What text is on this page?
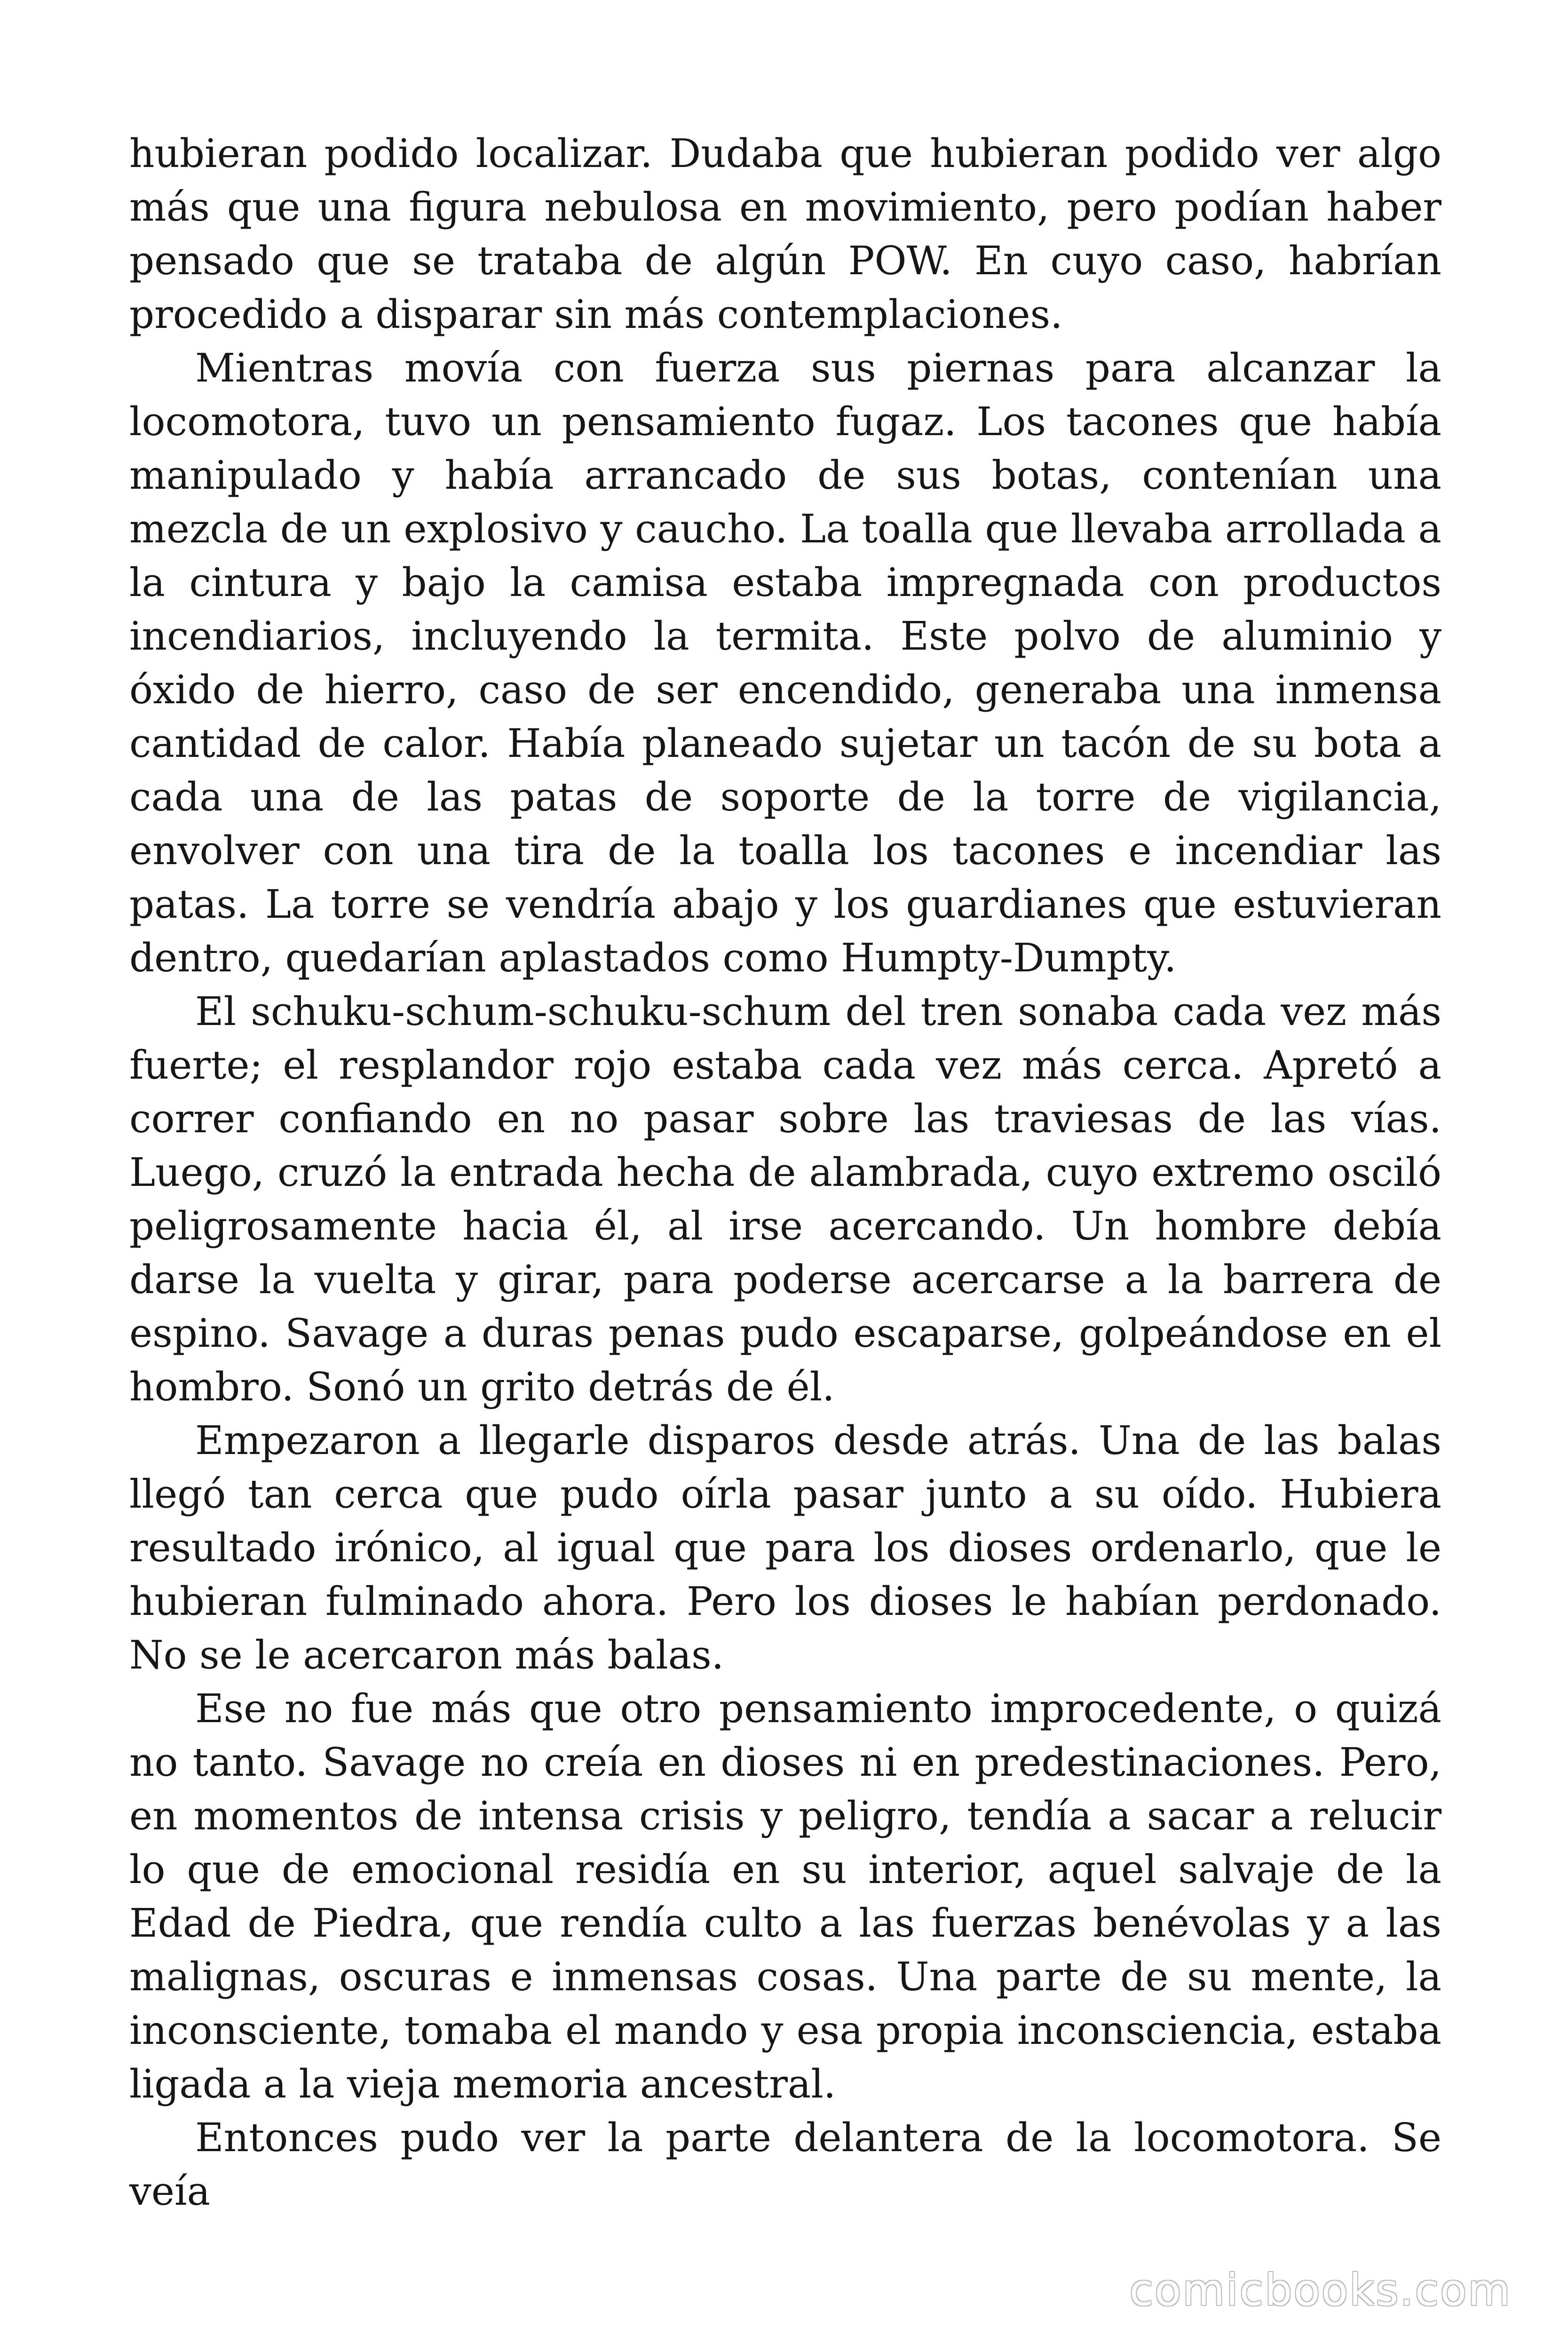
hubieran podido localizar. Dudaba que hubieran podido ver algo más que una figura nebulosa en movimiento, pero podían haber pensado que se trataba de algún POW. En cuyo caso, habrían procedido a disparar sin más contemplaciones.

Mientras movía con fuerza sus piernas para alcanzar la locomotora, tuvo un pensamiento fugaz. Los tacones que había manipulado y había arrancado de sus botas, contenían una mezcla de un explosivo y caucho. La toalla que llevaba arrollada a la cintura y bajo la camisa estaba impregnada con productos incendiarios, incluyendo la termita. Este polvo de aluminio y óxido de hierro, caso de ser encendido, generaba una inmensa cantidad de calor. Había planeado sujetar un tacón de su bota a cada una de las patas de soporte de la torre de vigilancia, envolver con una tira de la toalla los tacones e incendiar las patas. La torre se vendría abajo y los guardianes que estuvieran dentro, quedarían aplastados como Humpty-Dumpty.

El schuku-schum-schuku-schum del tren sonaba cada vez más fuerte; el resplandor rojo estaba cada vez más cerca. Apretó a correr confiando en no pasar sobre las traviesas de las vías. Luego, cruzó la entrada hecha de alambrada, cuyo extremo osciló peligrosamente hacia él, al irse acercando. Un hombre debía darse la vuelta y girar, para poderse acercarse a la barrera de espino. Savage a duras penas pudo escaparse, golpeándose en el hombro. Sonó un grito detrás de él.

Empezaron a llegarle disparos desde atrás. Una de las balas llegó tan cerca que pudo oírla pasar junto a su oído. Hubiera resultado irónico, al igual que para los dioses ordenarlo, que le hubieran fulminado ahora. Pero los dioses le habían perdonado. No se le acercaron más balas.

Ese no fue más que otro pensamiento improcedente, o quizá no tanto. Savage no creía en dioses ni en predestinaciones. Pero, en momentos de intensa crisis y peligro, tendía a sacar a relucir lo que de emocional residía en su interior, aquel salvaje de la Edad de Piedra, que rendía culto a las fuerzas benévolas y a las malignas, oscuras e inmensas cosas. Una parte de su mente, la inconsciente, tomaba el mando y esa propia inconsciencia, estaba ligada a la vieja memoria ancestral.

Entonces pudo ver la parte delantera de la locomotora. Se veía

comicbooks.com
